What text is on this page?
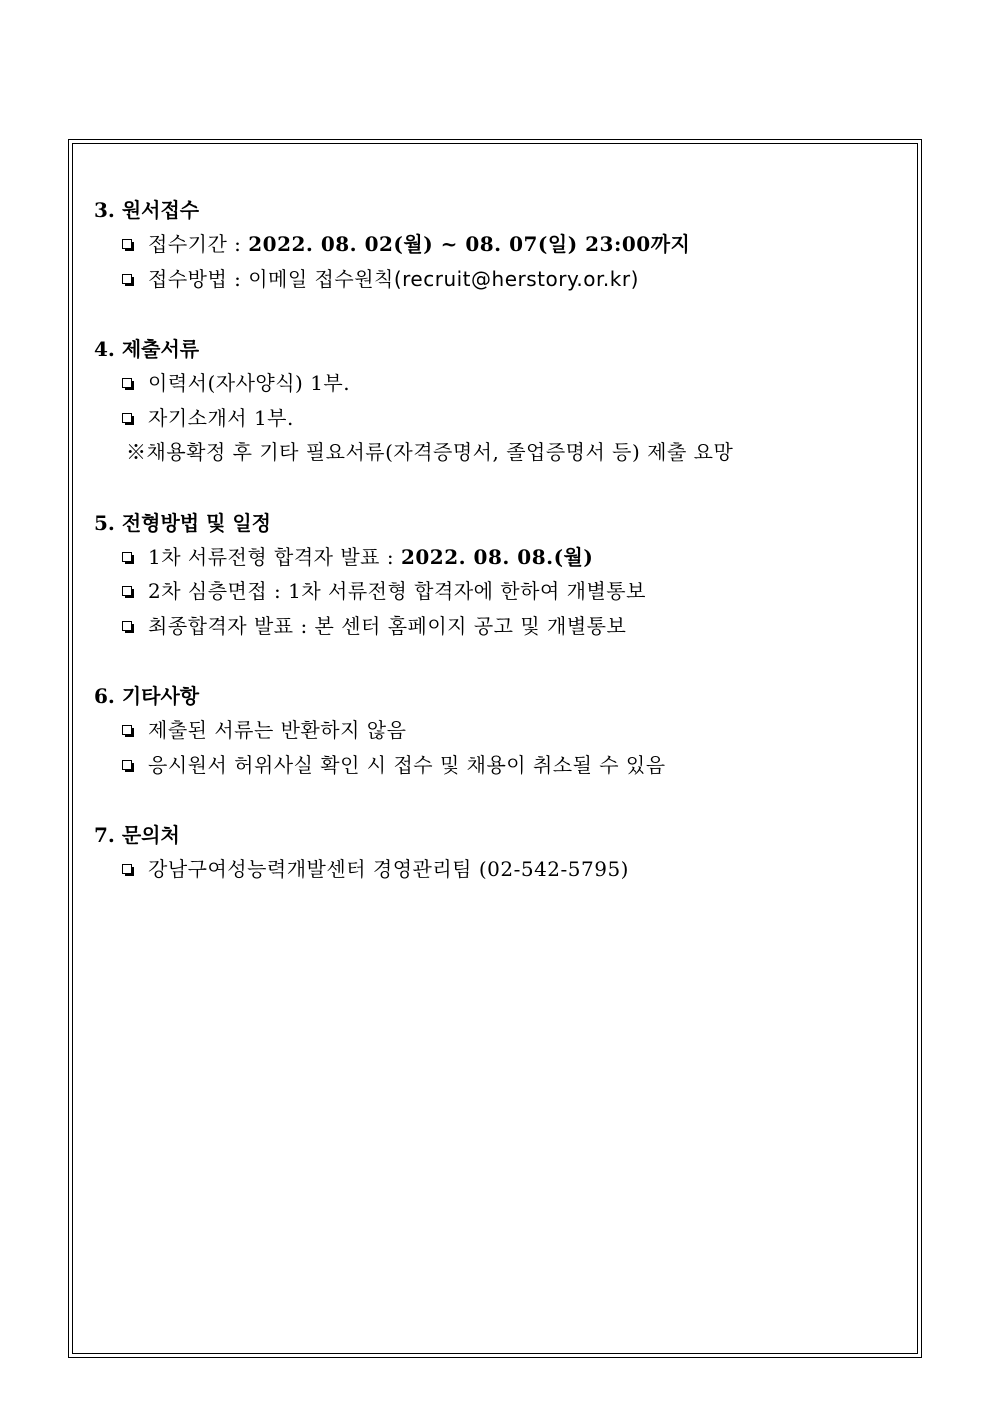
3. 원서접수
접수기간 : 2022. 08. 02(월) ~ 08. 07(일) 23:00까지
접수방법 : 이메일 접수원칙(recruit@herstory.or.kr)
4. 제출서류
이력서(자사양식) 1부.
자기소개서 1부.
※채용확정 후 기타 필요서류(자격증명서, 졸업증명서 등) 제출 요망
5. 전형방법 및 일정
1차 서류전형 합격자 발표 : 2022. 08. 08.(월)
2차 심층면접 : 1차 서류전형 합격자에 한하여 개별통보
최종합격자 발표 : 본 센터 홈페이지 공고 및 개별통보
6. 기타사항
제출된 서류는 반환하지 않음
응시원서 허위사실 확인 시 접수 및 채용이 취소될 수 있음
7. 문의처
강남구여성능력개발센터 경영관리팀 (02-542-5795)
